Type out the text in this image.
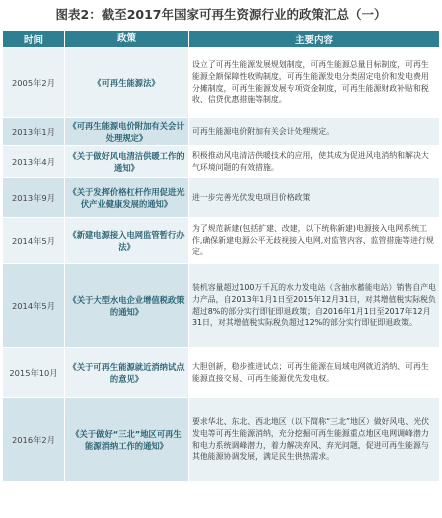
图表2：截至2017年国家可再生资源行业的政策汇总（一）
时间	政策	主要内容
2005年2月	《可再生能源法》	设立了可再生能源发展规划制度，可再生能源总量目标制度，可再生能源全额保障性收购制度，可再生能源发电分类固定电价和发电费用分摊制度，可再生能源发展专项资金制度，可再生能源财政补贴和税收、信贷优惠措施等制度。
2013年1月	《可再生能源电价附加有关会计处理规定》	可再生能源电价附加有关会计处理规定。
2013年4月	《关于做好风电清洁供暖工作的通知》	积极推动风电清洁供暖技术的应用，使其成为促进风电消纳和解决大气环境问题的有效措施。
2013年9月	《关于发挥价格杠杆作用促进光伏产业健康发展的通知》	进一步完善光伏发电项目价格政策
2014年5月	《新建电源接入电网监管暂行办法》	为了规范新建(包括扩建、改建，以下统称新建)电源接入电网系统工作,确保新建电源公平无歧视接入电网,对监管内容、监管措施等进行规定。
2014年5月	《关于大型水电企业增值税政策的通知》	装机容量超过100万千瓦的水力发电站（含抽水蓄能电站）销售自产电力产品，自2013年1月1日至2015年12月31日，对其增值税实际税负超过8%的部分实行即征即退政策；自2016年1月1日至2017年12月31日，对其增值税实际税负超过12%的部分实行即征即退政策。
2015年10月	《关于可再生能源就近消纳试点的意见》	大胆创新，稳步推进试点；可再生能源在局域电网就近消纳、可再生能源直接交易、可再生能源优先发电权。
2016年2月	《关于做好“三北”地区可再生能源消纳工作的通知》	要求华北、东北、西北地区（以下简称“三北”地区）做好风电、光伏发电等可再生能源消纳，充分挖掘可再生能源重点地区电网调峰潜力和电力系统调峰潜力，着力解决弃风、弃光问题，促进可再生能源与其他能源协调发展，满足民生供热需求。
